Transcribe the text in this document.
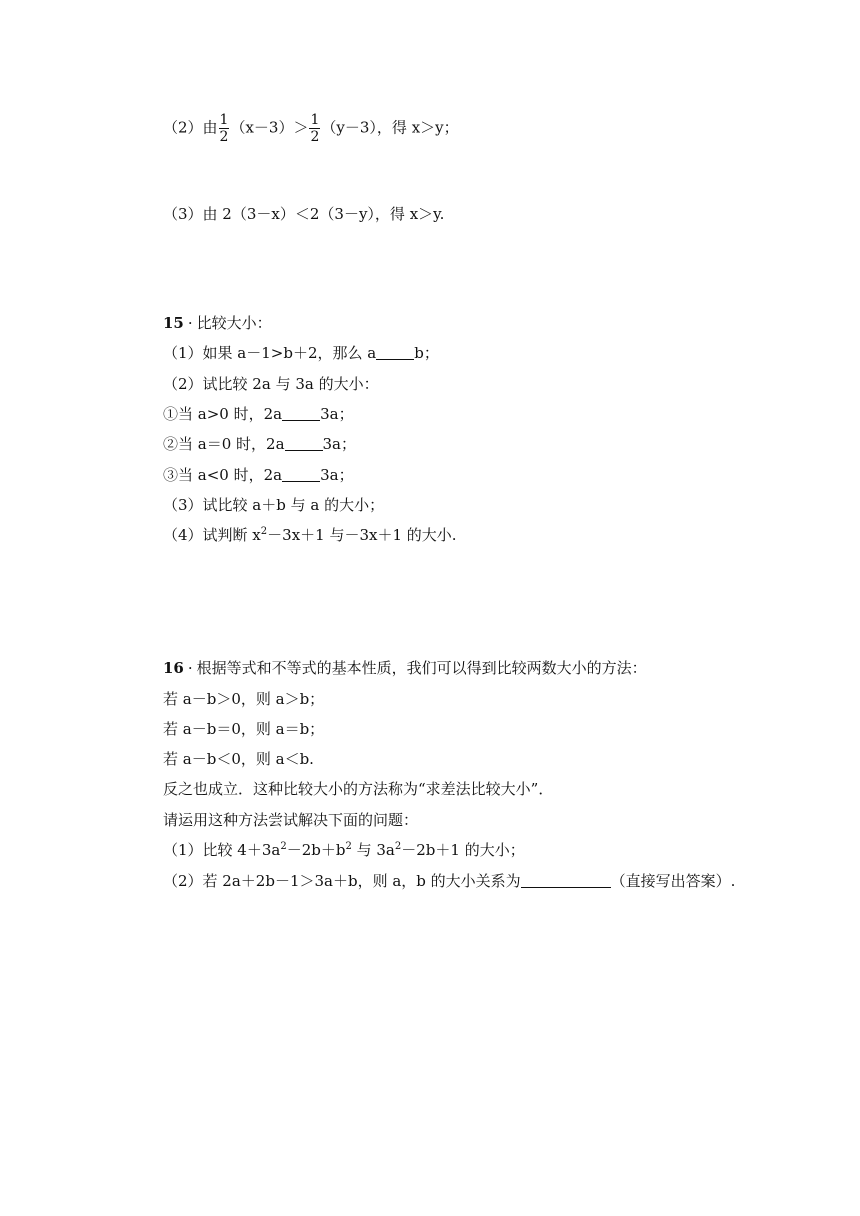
（2）由 $\frac{1}{2} (x-3)> \frac{1}{2} (y-3)$，得 x＞y；
（3）由 2（3－x）＜2（3－y），得 x＞y.
15 · 比较大小：
（1）如果 a－1>b＋2，那么 a	b；
（2）试比较 2a 与 3a 的大小：
①当 a>0 时，2a	3a；
②当 a＝0 时，2a	3a；
③当 a<0 时，2a	3a；
（3）试比较 a＋b 与 a 的大小；
（4）试判断 $x^2-3x+1$ 与－3x＋1 的大小.
16 · 根据等式和不等式的基本性质，我们可以得到比较两数大小的方法：
若 a－b＞0，则 a＞b；
若 a－b＝0，则 a＝b；
若 a－b＜0，则 a＜b.
反之也成立．这种比较大小的方法称为“求差法比较大小”．
请运用这种方法尝试解决下面的问题：
（1）比较 $4+3a^2-2b+b^2$ 与 $3a^2-2b+1$ 的大小；
（2）若 2a＋2b－1＞3a＋b，则 a，b 的大小关系为	（直接写出答案）.
